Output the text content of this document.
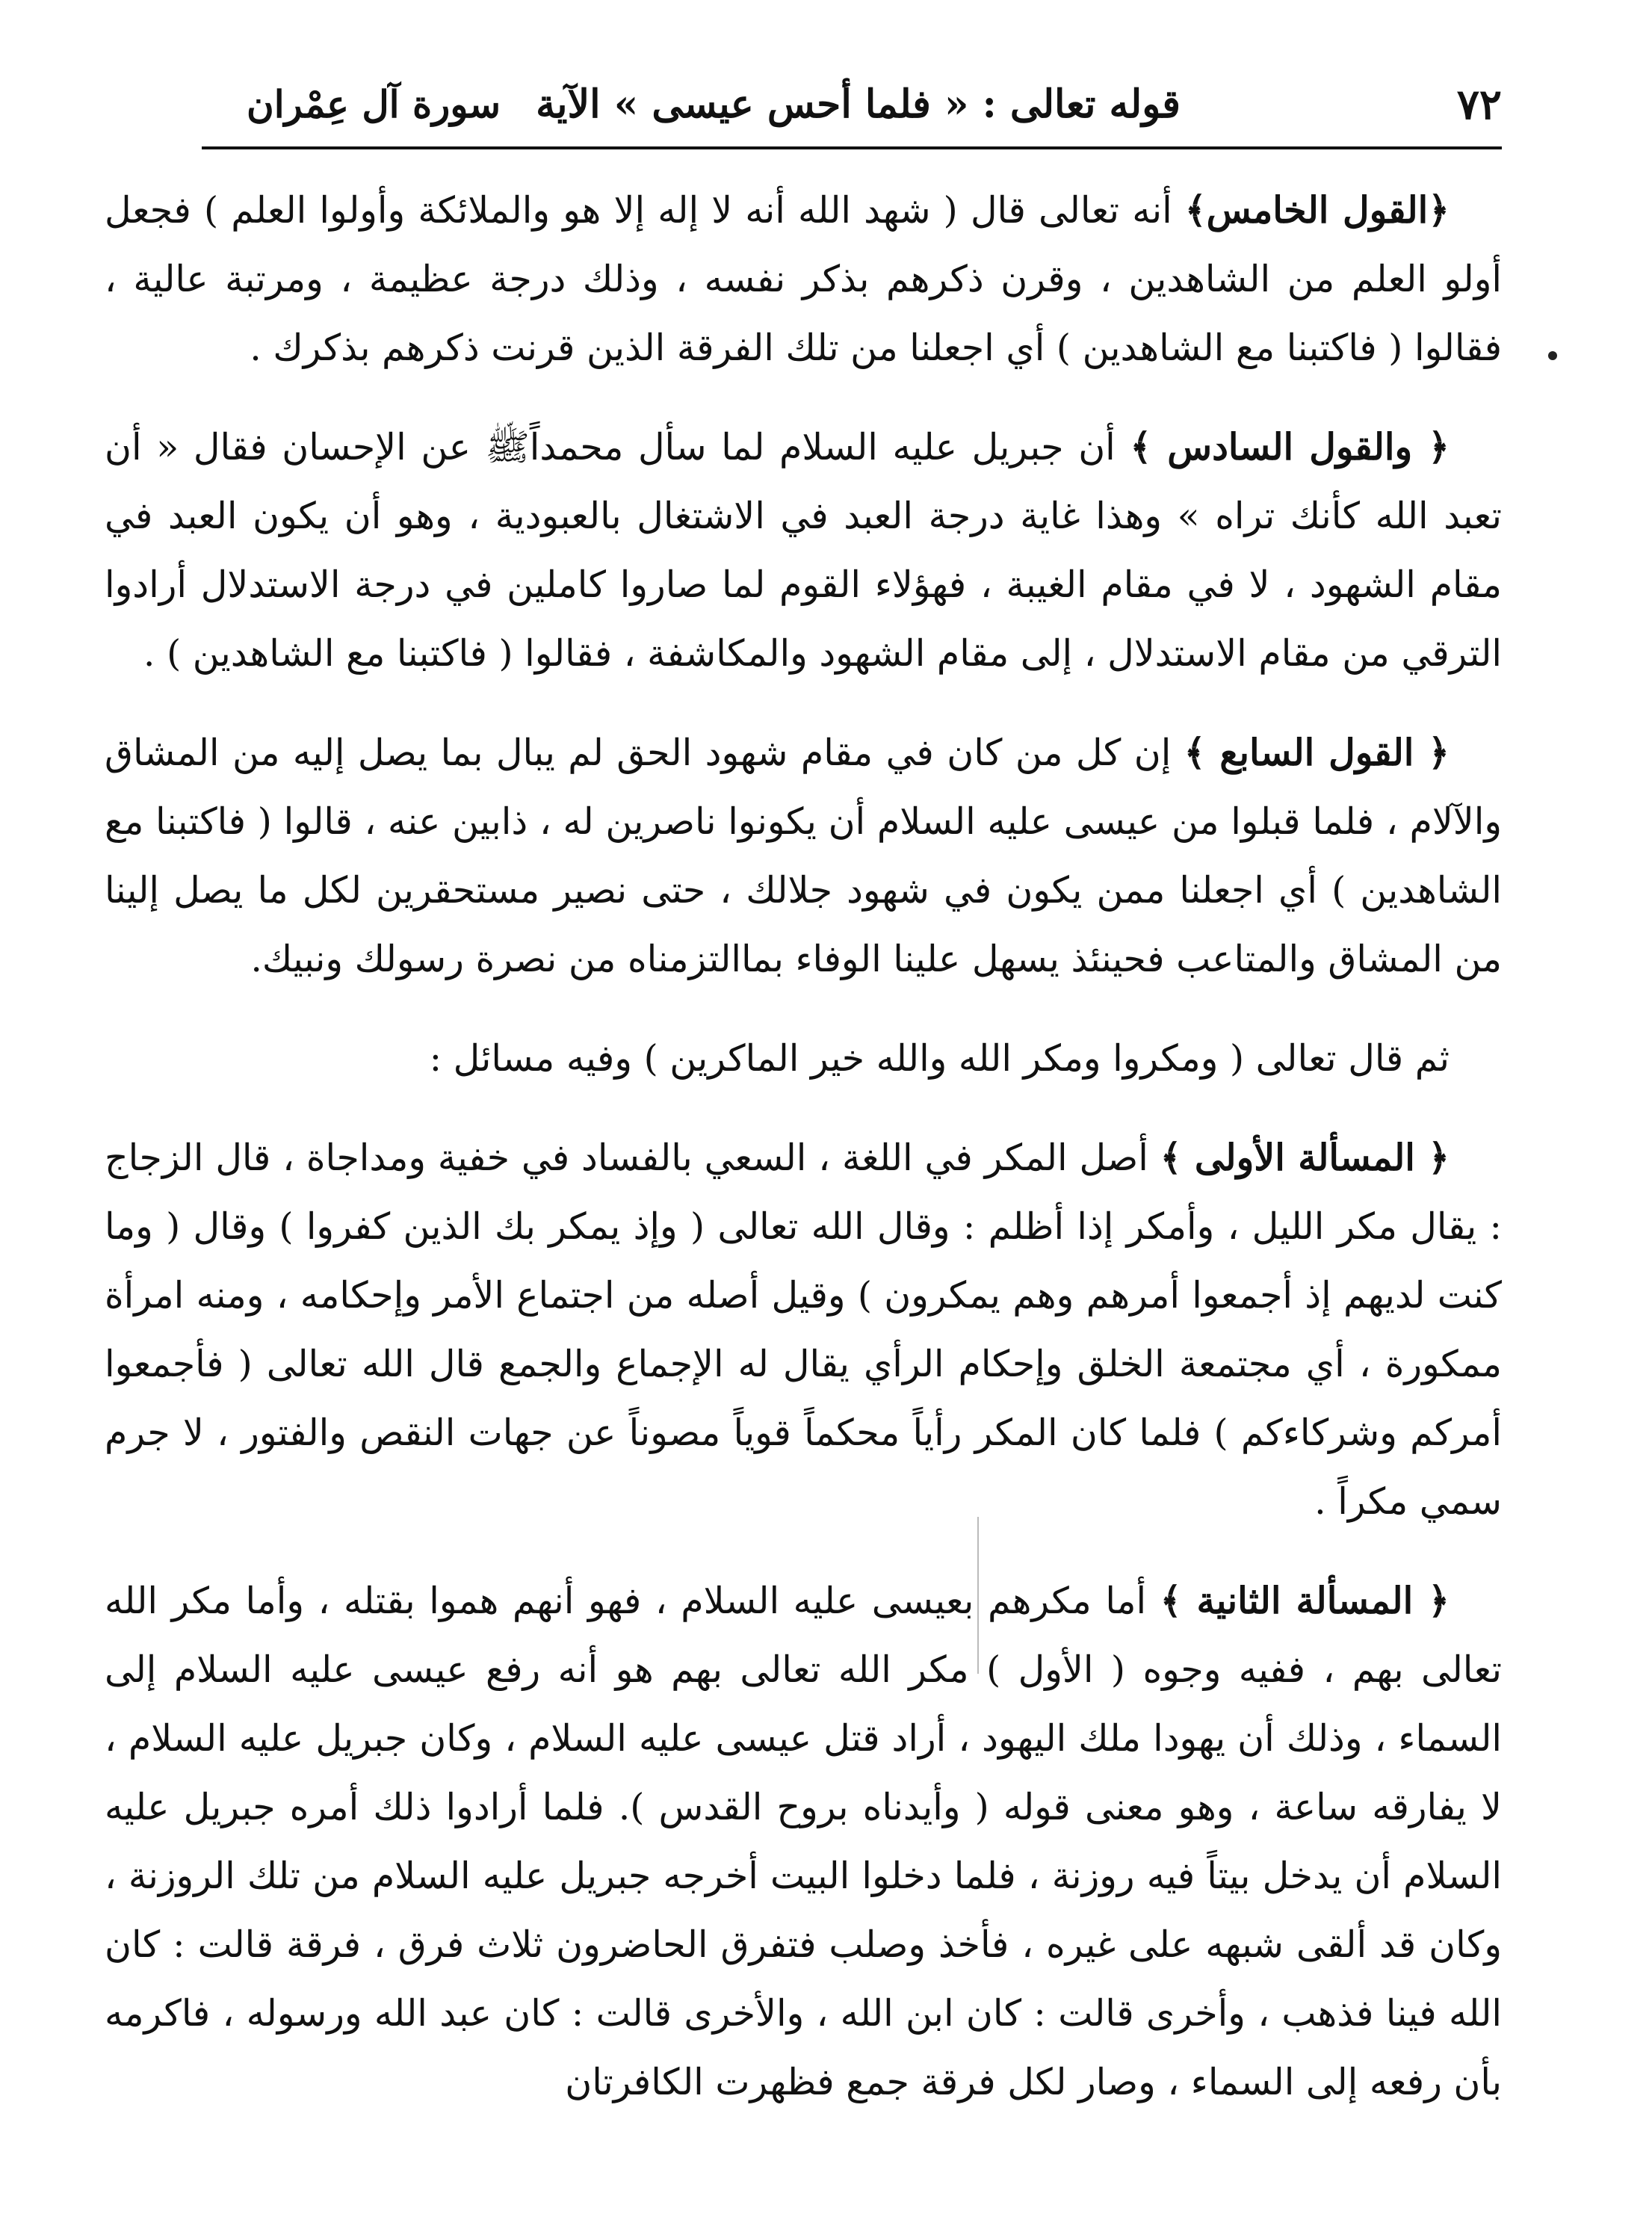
٧٢
قوله تعالى : « فلما أحس عيسى » الآية
سورة آل عِمْران

﴿القول الخامس﴾ أنه تعالى قال ( شهد الله أنه لا إله إلا هو والملائكة وأولوا العلم ) فجعل أولو العلم من الشاهدين ، وقرن ذكرهم بذكر نفسه ، وذلك درجة عظيمة ، ومرتبة عالية ، فقالوا ( فاكتبنا مع الشاهدين ) أي اجعلنا من تلك الفرقة الذين قرنت ذكرهم بذكرك .

﴿ والقول السادس ﴾ أن جبريل عليه السلام لما سأل محمداًﷺ عن الإحسان فقال « أن تعبد الله كأنك تراه » وهذا غاية درجة العبد في الاشتغال بالعبودية ، وهو أن يكون العبد في مقام الشهود ، لا في مقام الغيبة ، فهؤلاء القوم لما صاروا كاملين في درجة الاستدلال أرادوا الترقي من مقام الاستدلال ، إلى مقام الشهود والمكاشفة ، فقالوا ( فاكتبنا مع الشاهدين ) .

﴿ القول السابع ﴾ إن كل من كان في مقام شهود الحق لم يبال بما يصل إليه من المشاق والآلام ، فلما قبلوا من عيسى عليه السلام أن يكونوا ناصرين له ، ذابين عنه ، قالوا ( فاكتبنا مع الشاهدين ) أي اجعلنا ممن يكون في شهود جلالك ، حتى نصير مستحقرين لكل ما يصل إلينا من المشاق والمتاعب فحينئذ يسهل علينا الوفاء بماالتزمناه من نصرة رسولك ونبيك.

ثم قال تعالى ( ومكروا ومكر الله والله خير الماكرين ) وفيه مسائل :

﴿ المسألة الأولى ﴾ أصل المكر في اللغة ، السعي بالفساد في خفية ومداجاة ، قال الزجاج : يقال مكر الليل ، وأمكر إذا أظلم : وقال الله تعالى ( وإذ يمكر بك الذين كفروا ) وقال ( وما كنت لديهم إذ أجمعوا أمرهم وهم يمكرون ) وقيل أصله من اجتماع الأمر وإحكامه ، ومنه امرأة ممكورة ، أي مجتمعة الخلق وإحكام الرأي يقال له الإجماع والجمع قال الله تعالى ( فأجمعوا أمركم وشركاءكم ) فلما كان المكر رأياً محكماً قوياً مصوناً عن جهات النقص والفتور ، لا جرم سمي مكراً .

﴿ المسألة الثانية ﴾ أما مكرهم بعيسى عليه السلام ، فهو أنهم هموا بقتله ، وأما مكر الله تعالى بهم ، ففيه وجوه ( الأول ) مكر الله تعالى بهم هو أنه رفع عيسى عليه السلام إلى السماء ، وذلك أن يهودا ملك اليهود ، أراد قتل عيسى عليه السلام ، وكان جبريل عليه السلام ، لا يفارقه ساعة ، وهو معنى قوله ( وأيدناه بروح القدس ). فلما أرادوا ذلك أمره جبريل عليه السلام أن يدخل بيتاً فيه روزنة ، فلما دخلوا البيت أخرجه جبريل عليه السلام من تلك الروزنة ، وكان قد ألقى شبهه على غيره ، فأخذ وصلب فتفرق الحاضرون ثلاث فرق ، فرقة قالت : كان الله فينا فذهب ، وأخرى قالت : كان ابن الله ، والأخرى قالت : كان عبد الله ورسوله ، فاكرمه بأن رفعه إلى السماء ، وصار لكل فرقة جمع فظهرت الكافرتان
